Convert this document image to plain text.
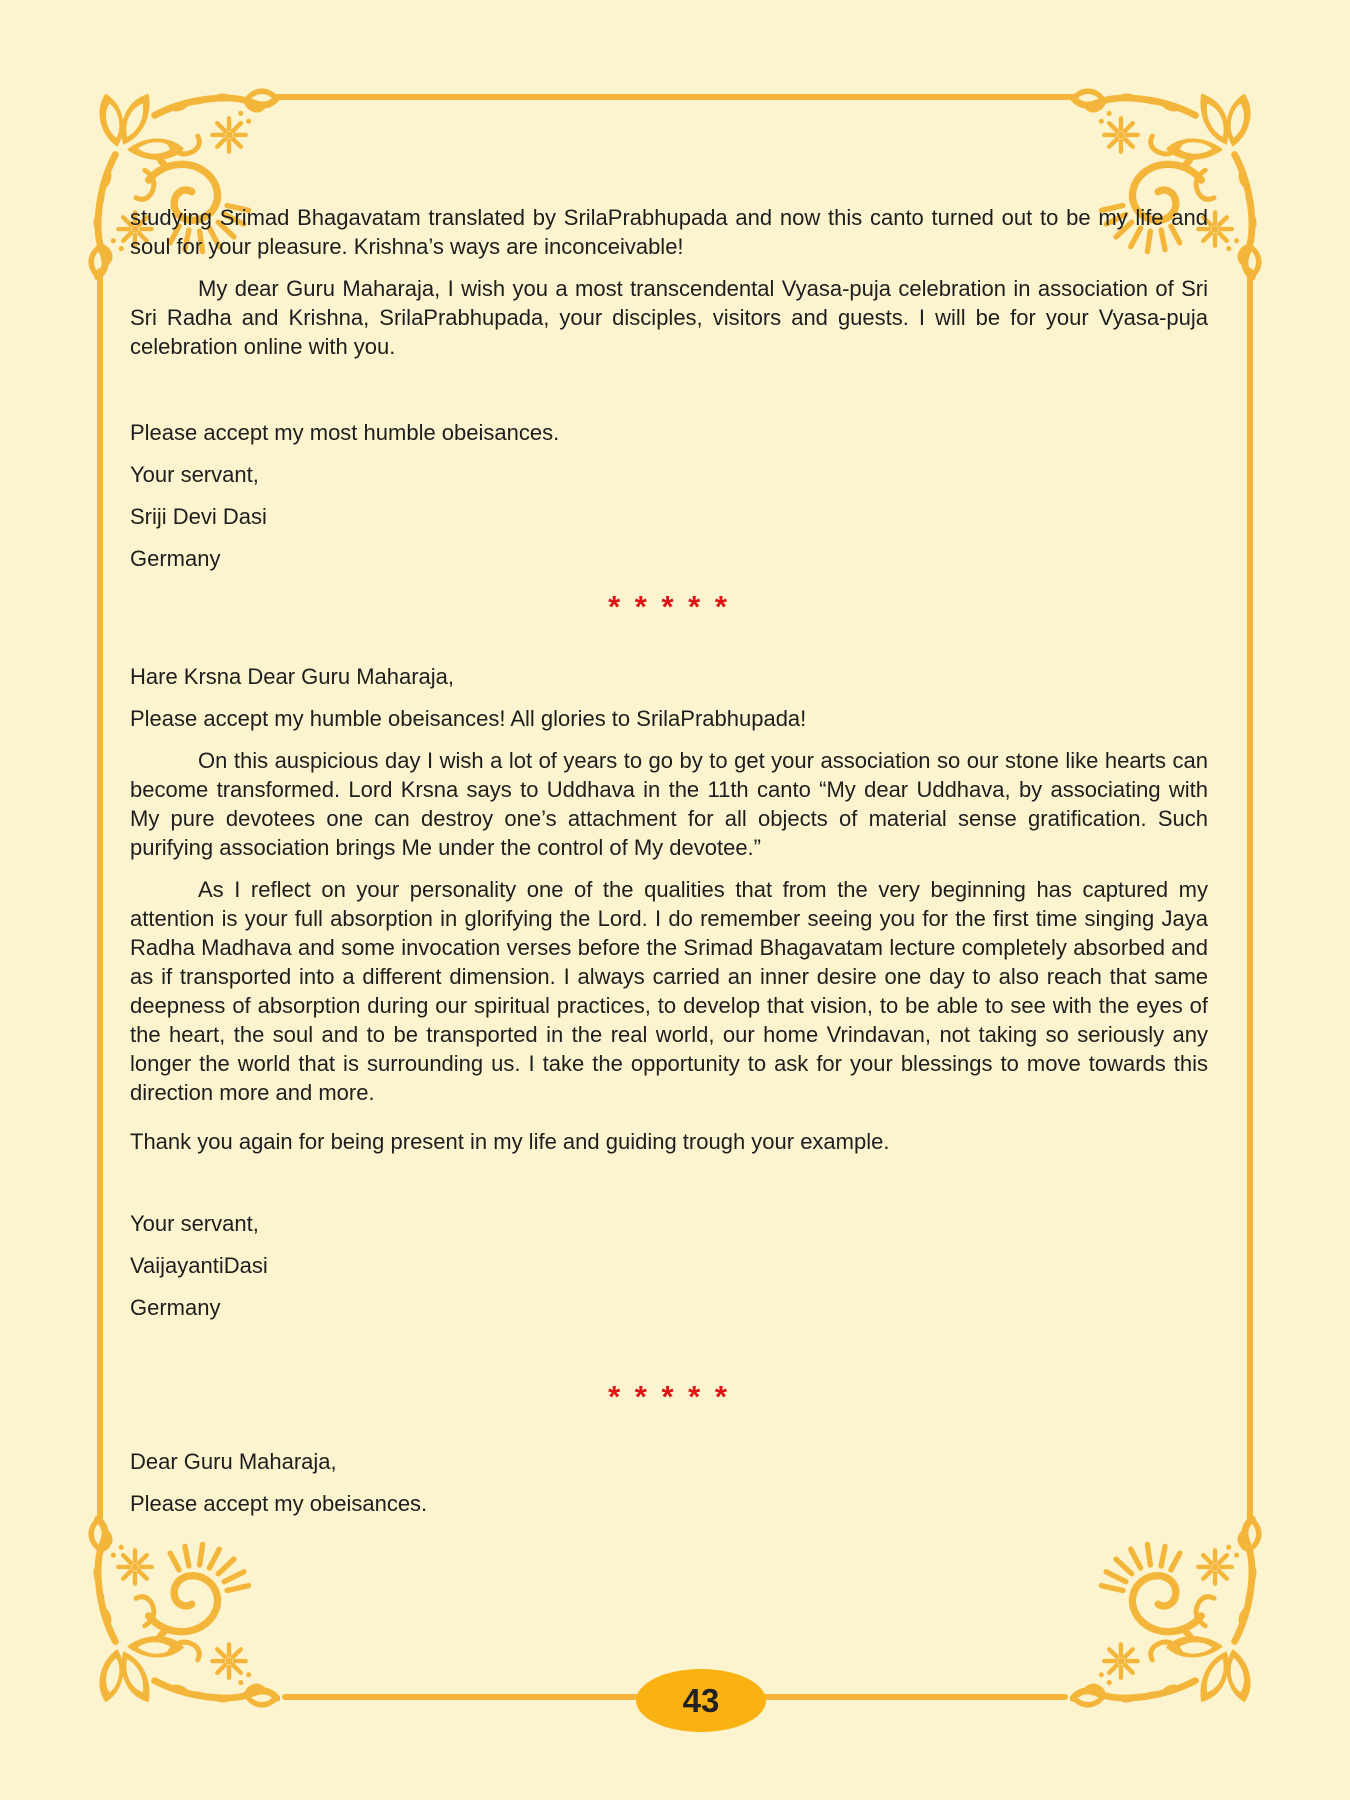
studying Srimad Bhagavatam translated by SrilaPrabhupada and now this canto turned out to be my life and soul for your pleasure. Krishna’s ways are inconceivable!

My dear Guru Maharaja, I wish you a most transcendental Vyasa-puja celebration in association of Sri Sri Radha and Krishna, SrilaPrabhupada, your disciples, visitors and guests. I will be for your Vyasa-puja celebration online with you.

Please accept my most humble obeisances.

Your servant,

Sriji Devi Dasi

Germany

* * * * *

Hare Krsna Dear Guru Maharaja,

Please accept my humble obeisances! All glories to SrilaPrabhupada!

On this auspicious day I wish a lot of years to go by to get your association so our stone like hearts can become transformed. Lord Krsna says to Uddhava in the 11th canto “My dear Uddhava, by associating with My pure devotees one can destroy one’s attachment for all objects of material sense gratification. Such purifying association brings Me under the control of My devotee.”

As I reflect on your personality one of the qualities that from the very beginning has captured my attention is your full absorption in glorifying the Lord. I do remember seeing you for the first time singing Jaya Radha Madhava and some invocation verses before the Srimad Bhagavatam lecture completely absorbed and as if transported into a different dimension. I always carried an inner desire one day to also reach that same deepness of absorption during our spiritual practices, to develop that vision, to be able to see with the eyes of the heart, the soul and to be transported in the real world, our home Vrindavan, not taking so seriously any longer the world that is surrounding us. I take the opportunity to ask for your blessings to move towards this direction more and more.

Thank you again for being present in my life and guiding trough your example.

Your servant,

VaijayantiDasi

Germany

* * * * *

Dear Guru Maharaja,

Please accept my obeisances.

43
